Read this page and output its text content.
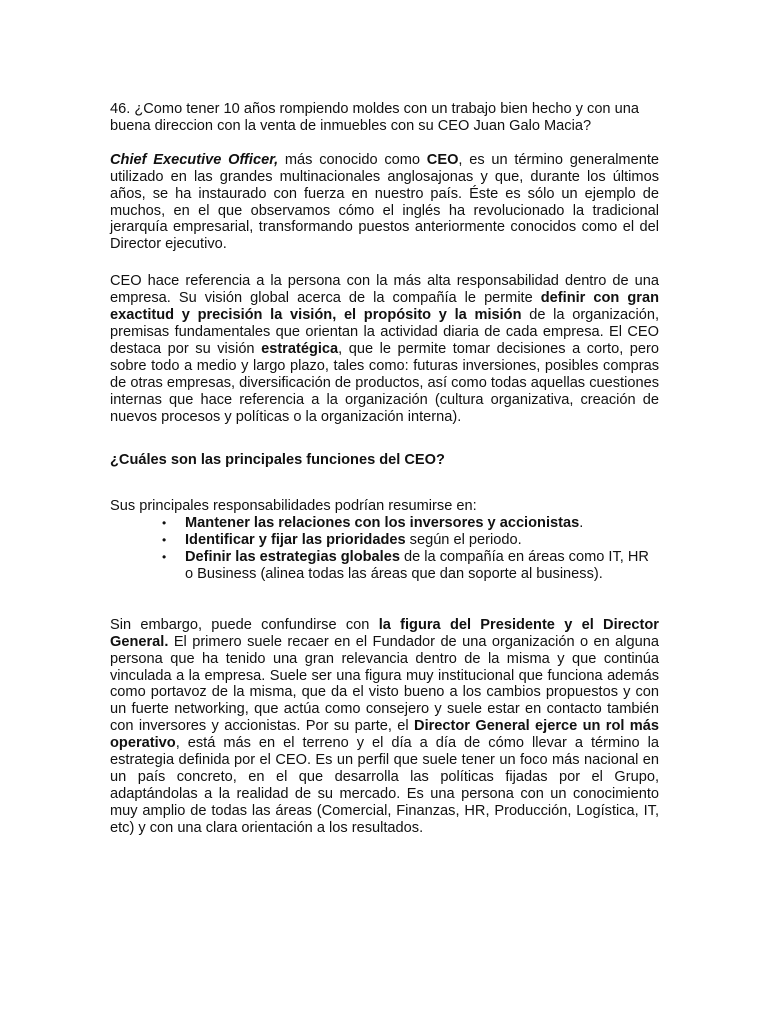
46. ¿Como tener 10 años rompiendo moldes con un trabajo bien hecho y con una buena direccion con la venta de inmuebles con su CEO Juan Galo Macia?

Chief Executive Officer, más conocido como CEO, es un término generalmente utilizado en las grandes multinacionales anglosajonas y que, durante los últimos años, se ha instaurado con fuerza en nuestro país. Éste es sólo un ejemplo de muchos, en el que observamos cómo el inglés ha revolucionado la tradicional jerarquía empresarial, transformando puestos anteriormente conocidos como el del Director ejecutivo.

CEO hace referencia a la persona con la más alta responsabilidad dentro de una empresa. Su visión global acerca de la compañía le permite definir con gran exactitud y precisión la visión, el propósito y la misión de la organización, premisas fundamentales que orientan la actividad diaria de cada empresa. El CEO destaca por su visión estratégica, que le permite tomar decisiones a corto, pero sobre todo a medio y largo plazo, tales como: futuras inversiones, posibles compras de otras empresas, diversificación de productos, así como todas aquellas cuestiones internas que hace referencia a la organización (cultura organizativa, creación de nuevos procesos y políticas o la organización interna).

¿Cuáles son las principales funciones del CEO?

Sus principales responsabilidades podrían resumirse en:

• Mantener las relaciones con los inversores y accionistas.
• Identificar y fijar las prioridades según el periodo.
• Definir las estrategias globales de la compañía en áreas como IT, HR o Business (alinea todas las áreas que dan soporte al business).

Sin embargo, puede confundirse con la figura del Presidente y el Director General. El primero suele recaer en el Fundador de una organización o en alguna persona que ha tenido una gran relevancia dentro de la misma y que continúa vinculada a la empresa. Suele ser una figura muy institucional que funciona además como portavoz de la misma, que da el visto bueno a los cambios propuestos y con un fuerte networking, que actúa como consejero y suele estar en contacto también con inversores y accionistas. Por su parte, el Director General ejerce un rol más operativo, está más en el terreno y el día a día de cómo llevar a término la estrategia definida por el CEO. Es un perfil que suele tener un foco más nacional en un país concreto, en el que desarrolla las políticas fijadas por el Grupo, adaptándolas a la realidad de su mercado. Es una persona con un conocimiento muy amplio de todas las áreas (Comercial, Finanzas, HR, Producción, Logística, IT, etc) y con una clara orientación a los resultados.
